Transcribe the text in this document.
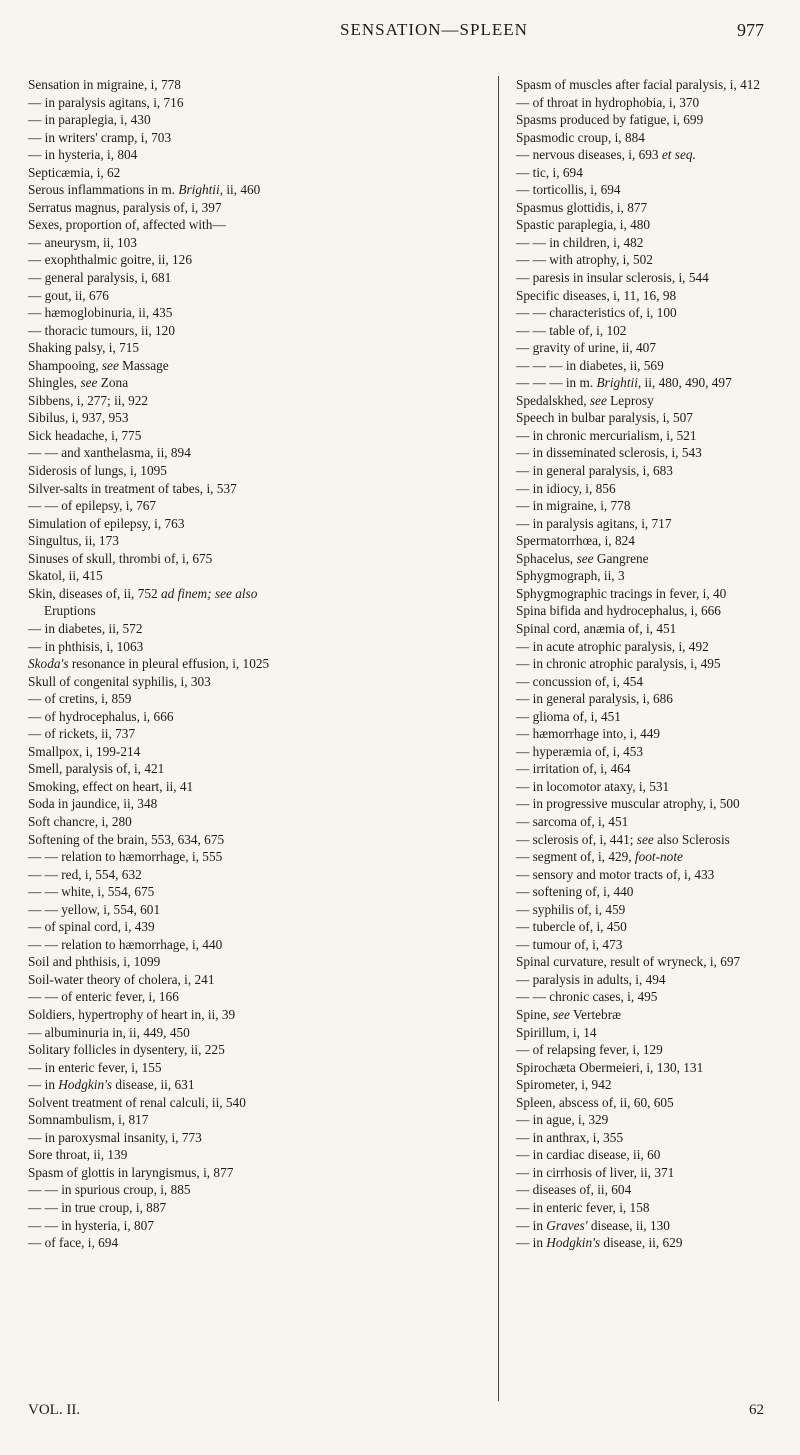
SENSATION—SPLEEN	977
Sensation in migraine, i, 778
— in paralysis agitans, i, 716
— in paraplegia, i, 430
— in writers' cramp, i, 703
— in hysteria, i, 804
Septicæmia, i, 62
Serous inflammations in m. Brightii, ii, 460
Serratus magnus, paralysis of, i, 397
Sexes, proportion of, affected with—
— aneurysm, ii, 103
— exophthalmic goitre, ii, 126
— general paralysis, i, 681
— gout, ii, 676
— hæmoglobinuria, ii, 435
— thoracic tumours, ii, 120
Shaking palsy, i, 715
Shampooing, see Massage
Shingles, see Zona
Sibbens, i, 277; ii, 922
Sibilus, i, 937, 953
Sick headache, i, 775
— — and xanthelasma, ii, 894
Siderosis of lungs, i, 1095
Silver-salts in treatment of tabes, i, 537
— — of epilepsy, i, 767
Simulation of epilepsy, i, 763
Singultus, ii, 173
Sinuses of skull, thrombi of, i, 675
Skatol, ii, 415
Skin, diseases of, ii, 752 ad finem; see also
Eruptions
— in diabetes, ii, 572
— in phthisis, i, 1063
Skoda's resonance in pleural effusion, i, 1025
Skull of congenital syphilis, i, 303
— of cretins, i, 859
— of hydrocephalus, i, 666
— of rickets, ii, 737
Smallpox, i, 199-214
Smell, paralysis of, i, 421
Smoking, effect on heart, ii, 41
Soda in jaundice, ii, 348
Soft chancre, i, 280
Softening of the brain, 553, 634, 675
— — relation to hæmorrhage, i, 555
— — red, i, 554, 632
— — white, i, 554, 675
— — yellow, i, 554, 601
— of spinal cord, i, 439
— — relation to hæmorrhage, i, 440
Soil and phthisis, i, 1099
Soil-water theory of cholera, i, 241
— — of enteric fever, i, 166
Soldiers, hypertrophy of heart in, ii, 39
— albuminuria in, ii, 449, 450
Solitary follicles in dysentery, ii, 225
— in enteric fever, i, 155
— in Hodgkin's disease, ii, 631
Solvent treatment of renal calculi, ii, 540
Somnambulism, i, 817
— in paroxysmal insanity, i, 773
Sore throat, ii, 139
Spasm of glottis in laryngismus, i, 877
— — in spurious croup, i, 885
— — in true croup, i, 887
— — in hysteria, i, 807
— of face, i, 694
Spasm of muscles after facial paralysis, i, 412
— of throat in hydrophobia, i, 370
Spasms produced by fatigue, i, 699
Spasmodic croup, i, 884
— nervous diseases, i, 693 et seq.
— tic, i, 694
— torticollis, i, 694
Spasmus glottidis, i, 877
Spastic paraplegia, i, 480
— — in children, i, 482
— — with atrophy, i, 502
— paresis in insular sclerosis, i, 544
Specific diseases, i, 11, 16, 98
— — characteristics of, i, 100
— — table of, i, 102
— gravity of urine, ii, 407
— — — in diabetes, ii, 569
— — — in m. Brightii, ii, 480, 490, 497
Spedalskhed, see Leprosy
Speech in bulbar paralysis, i, 507
— in chronic mercurialism, i, 521
— in disseminated sclerosis, i, 543
— in general paralysis, i, 683
— in idiocy, i, 856
— in migraine, i, 778
— in paralysis agitans, i, 717
Spermatorrhœa, i, 824
Sphacelus, see Gangrene
Sphygmograph, ii, 3
Sphygmographic tracings in fever, i, 40
Spina bifida and hydrocephalus, i, 666
Spinal cord, anæmia of, i, 451
— in acute atrophic paralysis, i, 492
— in chronic atrophic paralysis, i, 495
— concussion of, i, 454
— in general paralysis, i, 686
— glioma of, i, 451
— hæmorrhage into, i, 449
— hyperæmia of, i, 453
— irritation of, i, 464
— in locomotor ataxy, i, 531
— in progressive muscular atrophy, i, 500
— sarcoma of, i, 451
— sclerosis of, i, 441; see also Sclerosis
— segment of, i, 429, foot-note
— sensory and motor tracts of, i, 433
— softening of, i, 440
— syphilis of, i, 459
— tubercle of, i, 450
— tumour of, i, 473
Spinal curvature, result of wryneck, i, 697
— paralysis in adults, i, 494
— — chronic cases, i, 495
Spine, see Vertebræ
Spirillum, i, 14
— of relapsing fever, i, 129
Spirochæta Obermeieri, i, 130, 131
Spirometer, i, 942
Spleen, abscess of, ii, 60, 605
— in ague, i, 329
— in anthrax, i, 355
— in cardiac disease, ii, 60
— in cirrhosis of liver, ii, 371
— diseases of, ii, 604
— in enteric fever, i, 158
— in Graves' disease, ii, 130
— in Hodgkin's disease, ii, 629
VOL. II.	62
